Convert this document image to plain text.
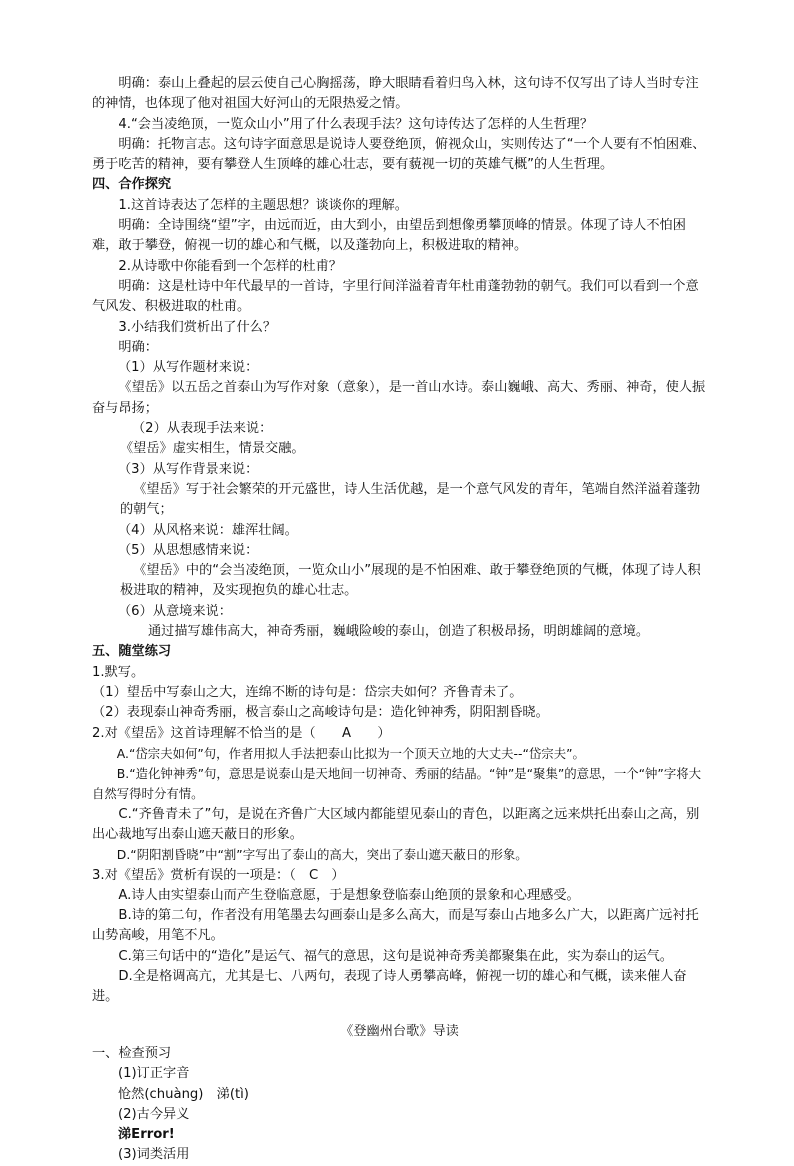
明确：泰山上叠起的层云使自己心胸摇荡，睁大眼睛看着归鸟入林，这句诗不仅写出了诗人当时专注的神情，也体现了他对祖国大好河山的无限热爱之情。

4.“会当凌绝顶，一览众山小”用了什么表现手法？这句诗传达了怎样的人生哲理？

明确：托物言志。这句诗字面意思是说诗人要登绝顶，俯视众山，实则传达了“一个人要有不怕困难、勇于吃苦的精神，要有攀登人生顶峰的雄心壮志，要有藐视一切的英雄气概”的人生哲理。

四、合作探究

1.这首诗表达了怎样的主题思想？谈谈你的理解。

明确：全诗围绕“望”字，由远而近，由大到小，由望岳到想像勇攀顶峰的情景。体现了诗人不怕困难，敢于攀登，俯视一切的雄心和气概，以及蓬勃向上，积极进取的精神。

2.从诗歌中你能看到一个怎样的杜甫？

明确：这是杜诗中年代最早的一首诗，字里行间洋溢着青年杜甫蓬勃勃的朝气。我们可以看到一个意气风发、积极进取的杜甫。

3.小结我们赏析出了什么？

明确：

（1）从写作题材来说：

《望岳》以五岳之首泰山为写作对象（意象），是一首山水诗。泰山巍峨、高大、秀丽、神奇，使人振奋与昂扬；

（2）从表现手法来说：

《望岳》虚实相生，情景交融。

（3）从写作背景来说：

《望岳》写于社会繁荣的开元盛世，诗人生活优越，是一个意气风发的青年，笔端自然洋溢着蓬勃的朝气；

（4）从风格来说：雄浑壮阔。

（5）从思想感情来说：

《望岳》中的“会当凌绝顶，一览众山小”展现的是不怕困难、敢于攀登绝顶的气概，体现了诗人积极进取的精神，及实现抱负的雄心壮志。

（6）从意境来说：

通过描写雄伟高大，神奇秀丽，巍峨险峻的泰山，创造了积极昂扬，明朗雄阔的意境。

五、随堂练习

1.默写。

（1）望岳中写泰山之大，连绵不断的诗句是：岱宗夫如何？齐鲁青未了。

（2）表现泰山神奇秀丽，极言泰山之高峻诗句是：造化钟神秀，阴阳割昏晓。

2.对《望岳》这首诗理解不恰当的是（　　A　　）

A.“岱宗夫如何”句，作者用拟人手法把泰山比拟为一个顶天立地的大丈夫--“岱宗夫”。

B.“造化钟神秀”句，意思是说泰山是天地间一切神奇、秀丽的结晶。“钟”是“聚集”的意思，一个“钟”字将大自然写得时分有情。

C.“齐鲁青未了”句，是说在齐鲁广大区域内都能望见泰山的青色，以距离之远来烘托出泰山之高，别出心裁地写出泰山遮天蔽日的形象。

D.“阴阳割昏晓”中“割”字写出了泰山的高大，突出了泰山遮天蔽日的形象。

3.对《望岳》赏析有误的一项是：（　C　）

A.诗人由实望泰山而产生登临意愿，于是想象登临泰山绝顶的景象和心理感受。

B.诗的第二句，作者没有用笔墨去勾画泰山是多么高大，而是写泰山占地多么广大，以距离广远衬托山势高峻，用笔不凡。

C.第三句话中的“造化”是运气、福气的意思，这句是说神奇秀美都聚集在此，实为泰山的运气。

D.全是格调高亢，尤其是七、八两句，表现了诗人勇攀高峰，俯视一切的雄心和气概，读来催人奋进。

《登幽州台歌》导读

一、检查预习

(1)订正字音

怆然(chuàng)　涕(tì)

(2)古今异义

涕Error!

(3)词类活用
